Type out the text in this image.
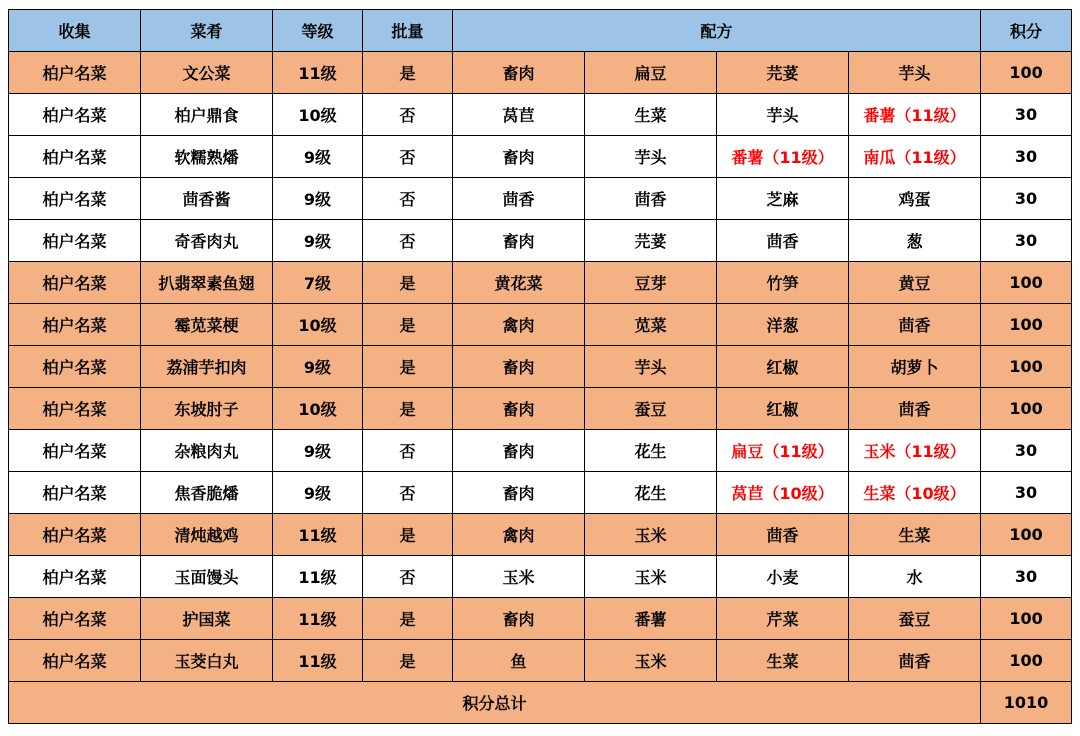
收集	菜肴	等级	批量	配方				积分
柏户名菜	文公菜	11级	是	畜肉	扁豆	芫荽	芋头	100
柏户名菜	柏户鼎食	10级	否	莴苣	生菜	芋头	番薯（11级）	30
柏户名菜	软糯熟燔	9级	否	畜肉	芋头	番薯（11级）	南瓜（11级）	30
柏户名菜	茴香酱	9级	否	茴香	茴香	芝麻	鸡蛋	30
柏户名菜	奇香肉丸	9级	否	畜肉	芫荽	茴香	葱	30
柏户名菜	扒翡翠素鱼翅	7级	是	黄花菜	豆芽	竹笋	黄豆	100
柏户名菜	霉苋菜梗	10级	是	禽肉	苋菜	洋葱	茴香	100
柏户名菜	荔浦芋扣肉	9级	是	畜肉	芋头	红椒	胡萝卜	100
柏户名菜	东坡肘子	10级	是	畜肉	蚕豆	红椒	茴香	100
柏户名菜	杂粮肉丸	9级	否	畜肉	花生	扁豆（11级）	玉米（11级）	30
柏户名菜	焦香脆燔	9级	否	畜肉	花生	莴苣（10级）	生菜（10级）	30
柏户名菜	清炖越鸡	11级	是	禽肉	玉米	茴香	生菜	100
柏户名菜	玉面馒头	11级	否	玉米	玉米	小麦	水	30
柏户名菜	护国菜	11级	是	畜肉	番薯	芹菜	蚕豆	100
柏户名菜	玉茭白丸	11级	是	鱼	玉米	生菜	茴香	100
积分总计								1010
